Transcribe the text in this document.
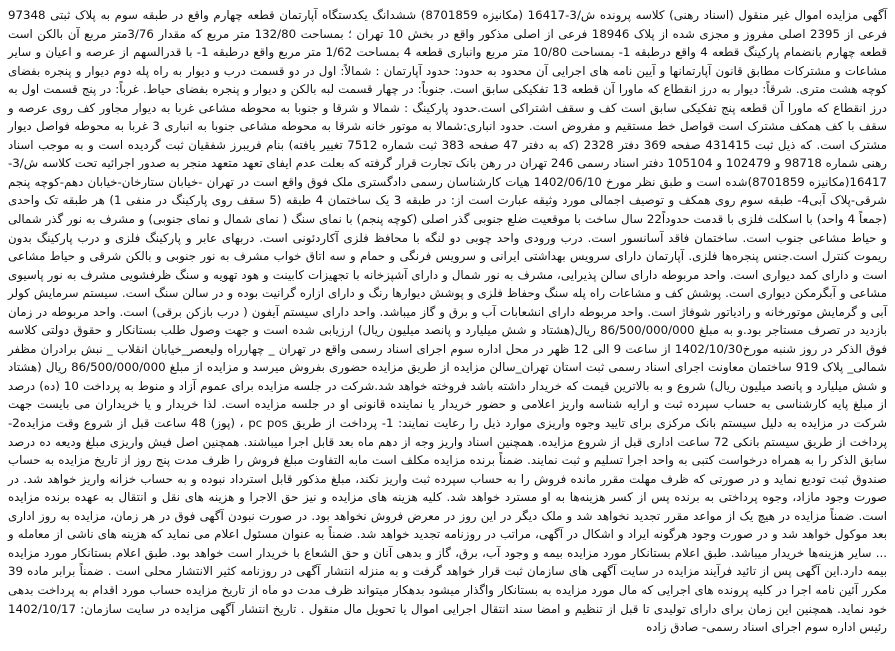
آگهی مزایده اموال غیر منقول (اسناد رهنی) کلاسه پرونده ش/3-16417 (مکانیزه 8701859) ششدانگ یکدستگاه آپارتمان قطعه چهارم واقع در طبقه سوم به پلاک ثبتی 97348 فرعی از 2395 اصلی مفروز و مجزی شده از پلاک 18946 فرعی از اصلی مذکور واقع در بخش 10 تهران ؛ بمساحت 132/80 متر مربع که مقدار 3/76متر مربع آن بالکن است قطعه چهارم بانضمام پارکینگ قطعه 4 واقع درطبقه 1- بمساحت 10/80 متر مربع وانباری قطعه 4 بمساحت 1/62 متر مربع واقع درطبقه 1- با قدرالسهم از عرصه و اعیان و سایر مشاعات و مشترکات مطابق قانون آپارتمانها و آیین نامه های اجرایی آن محدود به حدود: حدود آپارتمان : شمالاً: اول در دو قسمت درب و دیوار به راه پله دوم دیوار و پنجره بفضای کوچه هشت متری. شرقاً: دیوار به درز انقطاع که ماورا آن قطعه 13 تفکیکی سابق است. جنوباً: در چهار قسمت لبه بالکن و دیوار و پنجره بفضای حیاط. غرباً: در پنج قسمت اول به درز انقطاع که ماورا آن قطعه پنج تفکیکی سابق است کف و سقف اشتراکی است.حدود پارکینگ : شمالا و شرقا و جنوبا به محوطه مشاعی غربا به دیوار مجاور کف روی عرصه و سقف با کف همکف مشترک است قواصل خط مستقیم و مفروض است. حدود انباری:شمالا به موتور خانه شرقا به محوطه مشاعی جنوبا به انباری 3 غربا به محوطه فواصل دیوار مشترک است. که ذیل ثبت 431415 صفحه 369 دفتر 2328 (که به دفتر 47 صفحه 383 ثبت شماره 7512 تغییر یافته) بنام فریبرز شفقیان ثبت گردیده است و به موجب اسناد رهنی شماره 98718 و 102479 و 105104 دفتر اسناد رسمی 246 تهران در رهن بانک تجارت قرار گرفته که بعلت عدم ایفای تعهد متعهد منجر به صدور اجرائیه تحت کلاسه ش/3-16417(مکانیزه 8701859)شده است و طبق نظر مورخ 1402/06/10 هیات کارشناسان رسمی دادگستری ملک فوق واقع است در تهران -خیابان ستارخان-خیابان دهم-کوچه پنجم شرقی-پلاک آبی4- طبقه سوم روی همکف و توصیف اجمالی مورد وثیقه عبارت است از: در طبقه 3 یک ساختمان 4 طبقه (5 سقف روی پارکینگ در منفی 1) هر طبقه تک واحدی (جمعاً 4 واحد) با اسکلت فلزی با قدمت حدوداً22 سال ساخت با موقعیت ضلع جنوبی گذر اصلی (کوچه پنجم) با نمای سنگ ( نمای شمال و نمای جنوبی) و مشرف به نور گذر شمالی و حیاط مشاعی جنوب است. ساختمان فاقد آسانسور است. درب ورودی واحد چوبی دو لنگه با محافظ فلزی آکاردئونی است. دربهای عابر و پارکینگ فلزی و درب پارکینگ بدون ریموت کنترل است.جنس پنجره‌ها فلزی. آپارتمان دارای سرویس بهداشتی ایرانی و سرویس فرنگی و حمام و سه اتاق خواب مشرف به نور جنوبی و بالکن شرقی و حیاط مشاعی است و دارای کمد دیواری است. واحد مربوطه دارای سالن پذیرایی، مشرف به نور شمال و دارای آشپزخانه با تجهیزات کابینت و هود تهویه و سنگ ظرفشویی مشرف به نور پاسیوی مشاعی و آبگرمکن دیواری است. پوشش کف و مشاعات راه پله سنگ وحفاظ فلزی و پوشش دیوارها رنگ و دارای ازاره گرانیت بوده و در سالن سنگ است. سیستم سرمایش کولر آبی و گرمایش موتورخانه و رادیاتور شوفاژ است. واحد مربوطه دارای انشعابات آب و برق و گاز میباشد. واحد دارای سیستم آیفون ( درب بازکن برقی) است. واحد مربوطه در زمان بازدید در تصرف مستاجر بود.و به مبلغ 86/500/000/000 ریال(هشتاد و شش میلیارد و پانصد میلیون ریال) ارزیابی شده است و جهت وصول طلب بستانکار و حقوق دولتی کلاسه فوق الذکر در روز شنبه مورخ1402/10/30 از ساعت 9 الی 12 ظهر در محل اداره سوم اجرای اسناد رسمی واقع در تهران _ چهارراه ولیعصر_خیابان انقلاب _ نبش برادران مظفر شمالی_ پلاک 919 ساختمان معاونت اجرای اسناد رسمی ثبت استان تهران_سالن مزایده از طریق مزایده حضوری بفروش میرسد و مزایده از مبلغ 86/500/000/000 ریال (هشتاد و شش میلیارد و پانصد میلیون ریال) شروع و به بالاترین قیمت که خریدار داشته باشد فروخته خواهد شد.شرکت در جلسه مزایده برای عموم آزاد و منوط به پرداخت 10 (ده) درصد از مبلغ پایه کارشناسی به حساب سپرده ثبت و ارایه شناسه واریز اعلامی و حضور خریدار یا نماینده قانونی او در جلسه مزایده است. لذا خریدار و یا خریداران می بایست جهت شرکت در مزایده به دلیل سیستم بانک مرکزی برای تایید وجوه واریزی موارد ذیل را رعایت نمایند: 1- پرداخت از طریق pc pos ، (پوز) 48 ساعت قبل از شروع وقت مزایده2- پرداخت از طریق سیستم بانکی 72 ساعت اداری قبل از شروع مزایده. همچنین اسناد واریز وجه از دهم ماه بعد قابل اجرا میباشند. همچنین اصل فیش واریزی مبلغ ودیعه ده درصد سابق الذکر را به همراه درخواست کتبی به واحد اجرا تسلیم و ثبت نمایند. ضمناً برنده مزایده مکلف است مابه التفاوت مبلغ فروش را ظرف مدت پنج روز از تاریخ مزایده به حساب صندوق ثبت تودیع نماید و در صورتی که ظرف مهلت مقرر مانده فروش را به حساب سپرده ثبت واریز نکند، مبلغ مذکور قابل استرداد نبوده و به حساب خزانه واریز خواهد شد. در صورت وجود مازاد، وجوه پرداختی به برنده پس از کسر هزینه‌ها به او مسترد خواهد شد. کلیه هزینه های مزایده و نیز حق الاجرا و هزینه های نقل و انتقال به عهده برنده مزایده است. ضمناً مزایده در هیچ یک از مواعد مقرر تجدید نخواهد شد و ملک دیگر در این روز در معرض فروش نخواهد بود. در صورت نبودن آگهی فوق در هر زمان، مزایده به روز اداری بعد موکول خواهد شد و در صورت وجود هرگونه ایراد و اشکال در آگهی، مراتب در روزنامه تجدید خواهد شد. ضمناً به عنوان مسئول اعلام می نماید که هزینه های ناشی از معامله و ... سایر هزینه‌ها خریدار میباشد. طبق اعلام بستانکار مورد مزایده بیمه و وجود آب، برق، گاز و بدهی آنان و حق الشعاع با خریدار است خواهد بود. طبق اعلام بستانکار مورد مزایده بیمه دارد.این آگهی پس از تائید فرآیند مزایده در سایت آگهی های سازمان ثبت قرار خواهد گرفت و به منزله انتشار آگهی در روزنامه کثیر الانتشار محلی است . ضمناً برابر ماده 39 مکرر آئین نامه اجرا در کلیه پرونده های اجرایی که مال مورد مزایده به بستانکار واگذار میشود بدهکار میتواند ظرف مدت دو ماه از تاریخ مزایده حساب مورد اقدام به پرداخت بدهی خود نماید. همچنین این زمان برای دارای تولیدی تا قبل از تنظیم و امضا سند انتقال اجرایی اموال یا تحویل مال منقول . تاریخ انتشار آگهی مزایده در سایت سازمان: 1402/10/17 رئیس اداره سوم اجرای اسناد رسمی- صادق زاده
